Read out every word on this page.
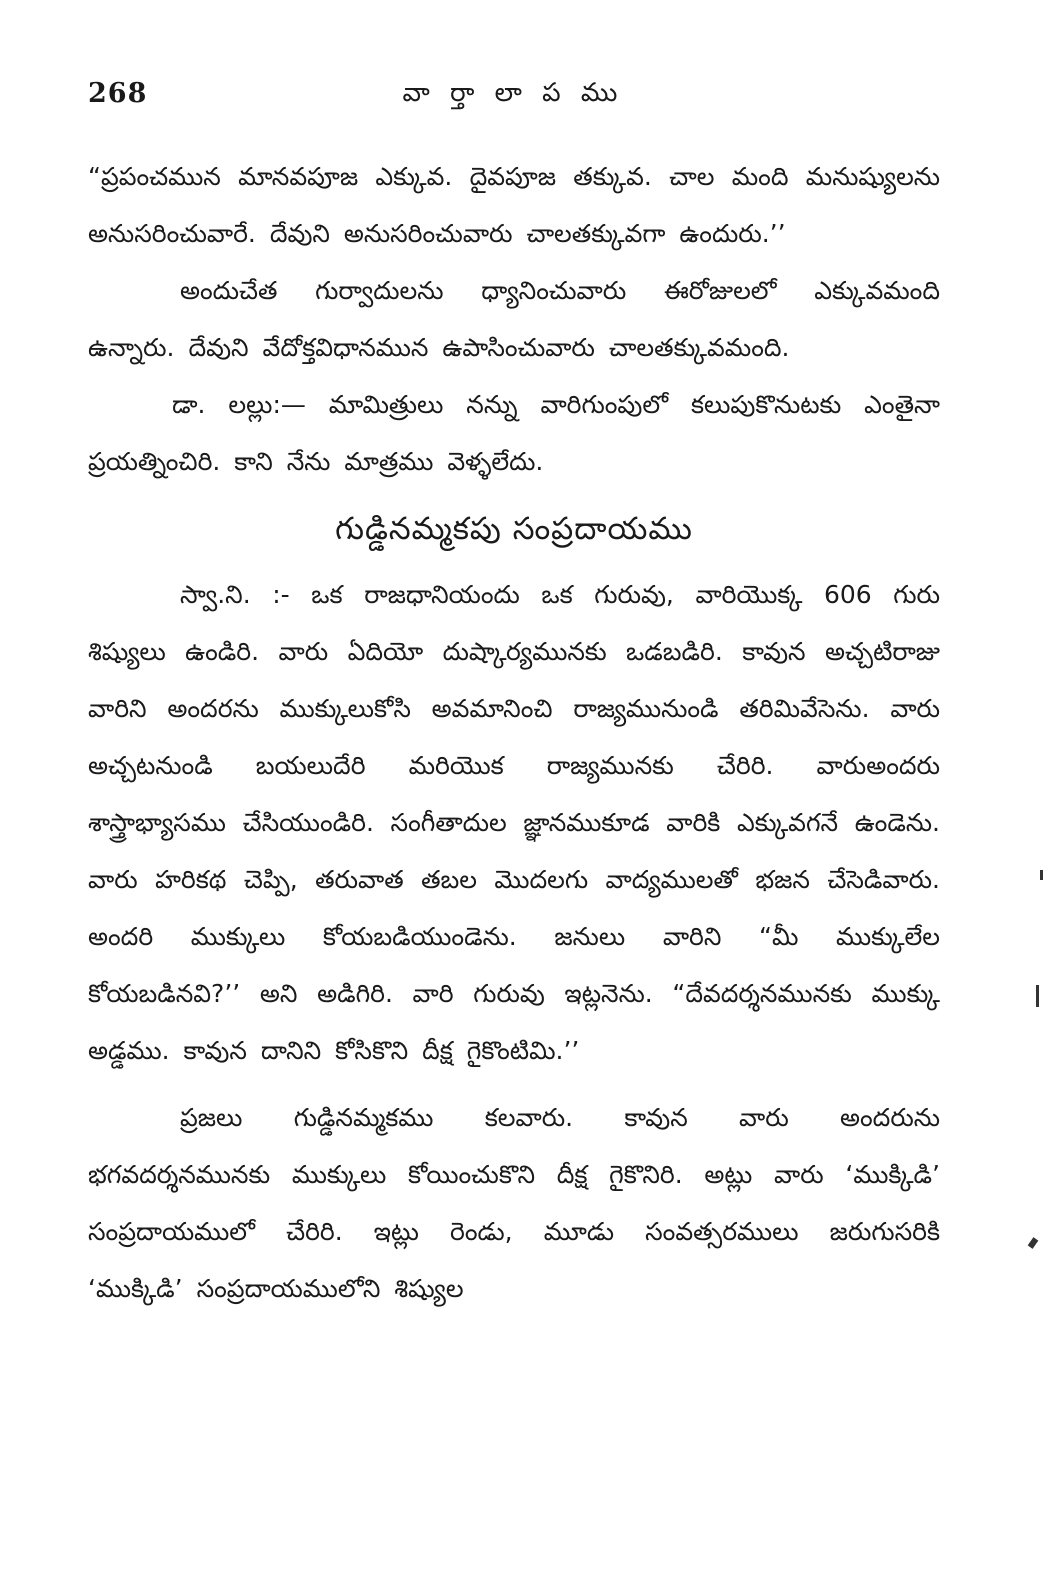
268	వా ర్తా లా ప ము

“ప్రపంచమున మానవపూజ ఎక్కువ. దైవపూజ తక్కువ. చాల మంది మనుష్యులను అనుసరించువారే. దేవుని అనుసరించువారు చాలతక్కువగా ఉందురు.’’

అందుచేత గుర్వాదులను ధ్యానించువారు ఈరోజులలో ఎక్కువమంది ఉన్నారు. దేవుని వేదోక్తవిధానమున ఉపాసించువారు చాలతక్కువమంది.

డా. లల్లు:— మామిత్రులు నన్ను వారిగుంపులో కలుపుకొనుటకు ఎంతైనా ప్రయత్నించిరి. కాని నేను మాత్రము వెళ్ళలేదు.

గుడ్డినమ్మకపు సంప్రదాయము

స్వా.ని. :- ఒక రాజధానియందు ఒక గురువు, వారియొక్క 606 గురు శిష్యులు ఉండిరి. వారు ఏదియో దుష్కార్యమునకు ఒడబడిరి. కావున అచ్చటిరాజు వారిని అందరను ముక్కులుకోసి అవమానించి రాజ్యమునుండి తరిమివేసెను. వారు అచ్చటనుండి బయలుదేరి మరియొక రాజ్యమునకు చేరిరి. వారుఅందరు శాస్త్రాభ్యాసము చేసియుండిరి. సంగీతాదుల జ్ఞానముకూడ వారికి ఎక్కువగనే ఉండెను. వారు హరికథ చెప్పి, తరువాత తబల మొదలగు వాద్యములతో భజన చేసెడివారు. అందరి ముక్కులు కోయబడియుండెను. జనులు వారిని “మీ ముక్కులేల కోయబడినవి?’’ అని అడిగిరి. వారి గురువు ఇట్లనెను. “దేవదర్శనమునకు ముక్కు అడ్డము. కావున దానిని కోసికొని దీక్ష గైకొంటిమి.’’

ప్రజలు గుడ్డినమ్మకము కలవారు. కావున వారు అందరును భగవదర్శనమునకు ముక్కులు కోయించుకొని దీక్ష గైకొనిరి. అట్లు వారు ‘ముక్కిడి’ సంప్రదాయములో చేరిరి. ఇట్లు రెండు, మూడు సంవత్సరములు జరుగుసరికి ‘ముక్కిడి’ సంప్రదాయములోని శిష్యుల
